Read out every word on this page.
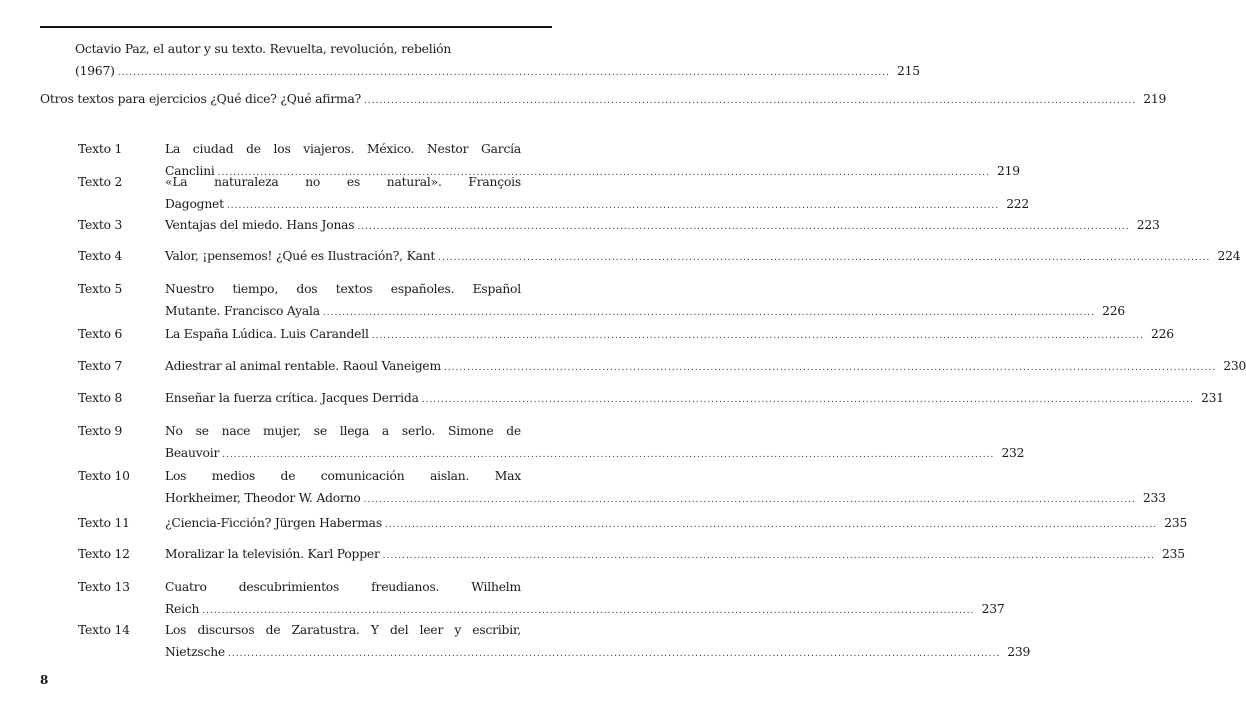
Octavio Paz, el autor y su texto. Revuelta, revolución, rebelión
(1967) ........................................................................................................................................................................................................ 215
Otros textos para ejercicios ¿Qué dice? ¿Qué afirma? ........................................................................................................................................................................................................ 219
Texto 1	La ciudad de los viajeros. México. Nestor García
Canclini ........................................................................................................................................................................................................ 219
Texto 2	«La naturaleza no es natural». François
Dagognet ........................................................................................................................................................................................................ 222
Texto 3	Ventajas del miedo. Hans Jonas ........................................................................................................................................................................................................ 223
Texto 4	Valor, ¡pensemos! ¿Qué es Ilustración?, Kant ........................................................................................................................................................................................................ 224
Texto 5	Nuestro tiempo, dos textos españoles. Español
Mutante. Francisco Ayala ........................................................................................................................................................................................................ 226
Texto 6	La España Lúdica. Luis Carandell ........................................................................................................................................................................................................ 226
Texto 7	Adiestrar al animal rentable. Raoul Vaneigem ........................................................................................................................................................................................................ 230
Texto 8	Enseñar la fuerza crítica. Jacques Derrida ........................................................................................................................................................................................................ 231
Texto 9	No se nace mujer, se llega a serlo. Simone de
Beauvoir ........................................................................................................................................................................................................ 232
Texto 10	Los medios de comunicación aislan. Max
Horkheimer, Theodor W. Adorno ........................................................................................................................................................................................................ 233
Texto 11	¿Ciencia-Ficción? Jürgen Habermas ........................................................................................................................................................................................................ 235
Texto 12	Moralizar la televisión. Karl Popper ........................................................................................................................................................................................................ 235
Texto 13	Cuatro descubrimientos freudianos. Wilhelm
Reich ........................................................................................................................................................................................................ 237
Texto 14	Los discursos de Zaratustra. Y del leer y escribir,
Nietzsche ........................................................................................................................................................................................................ 239
8
